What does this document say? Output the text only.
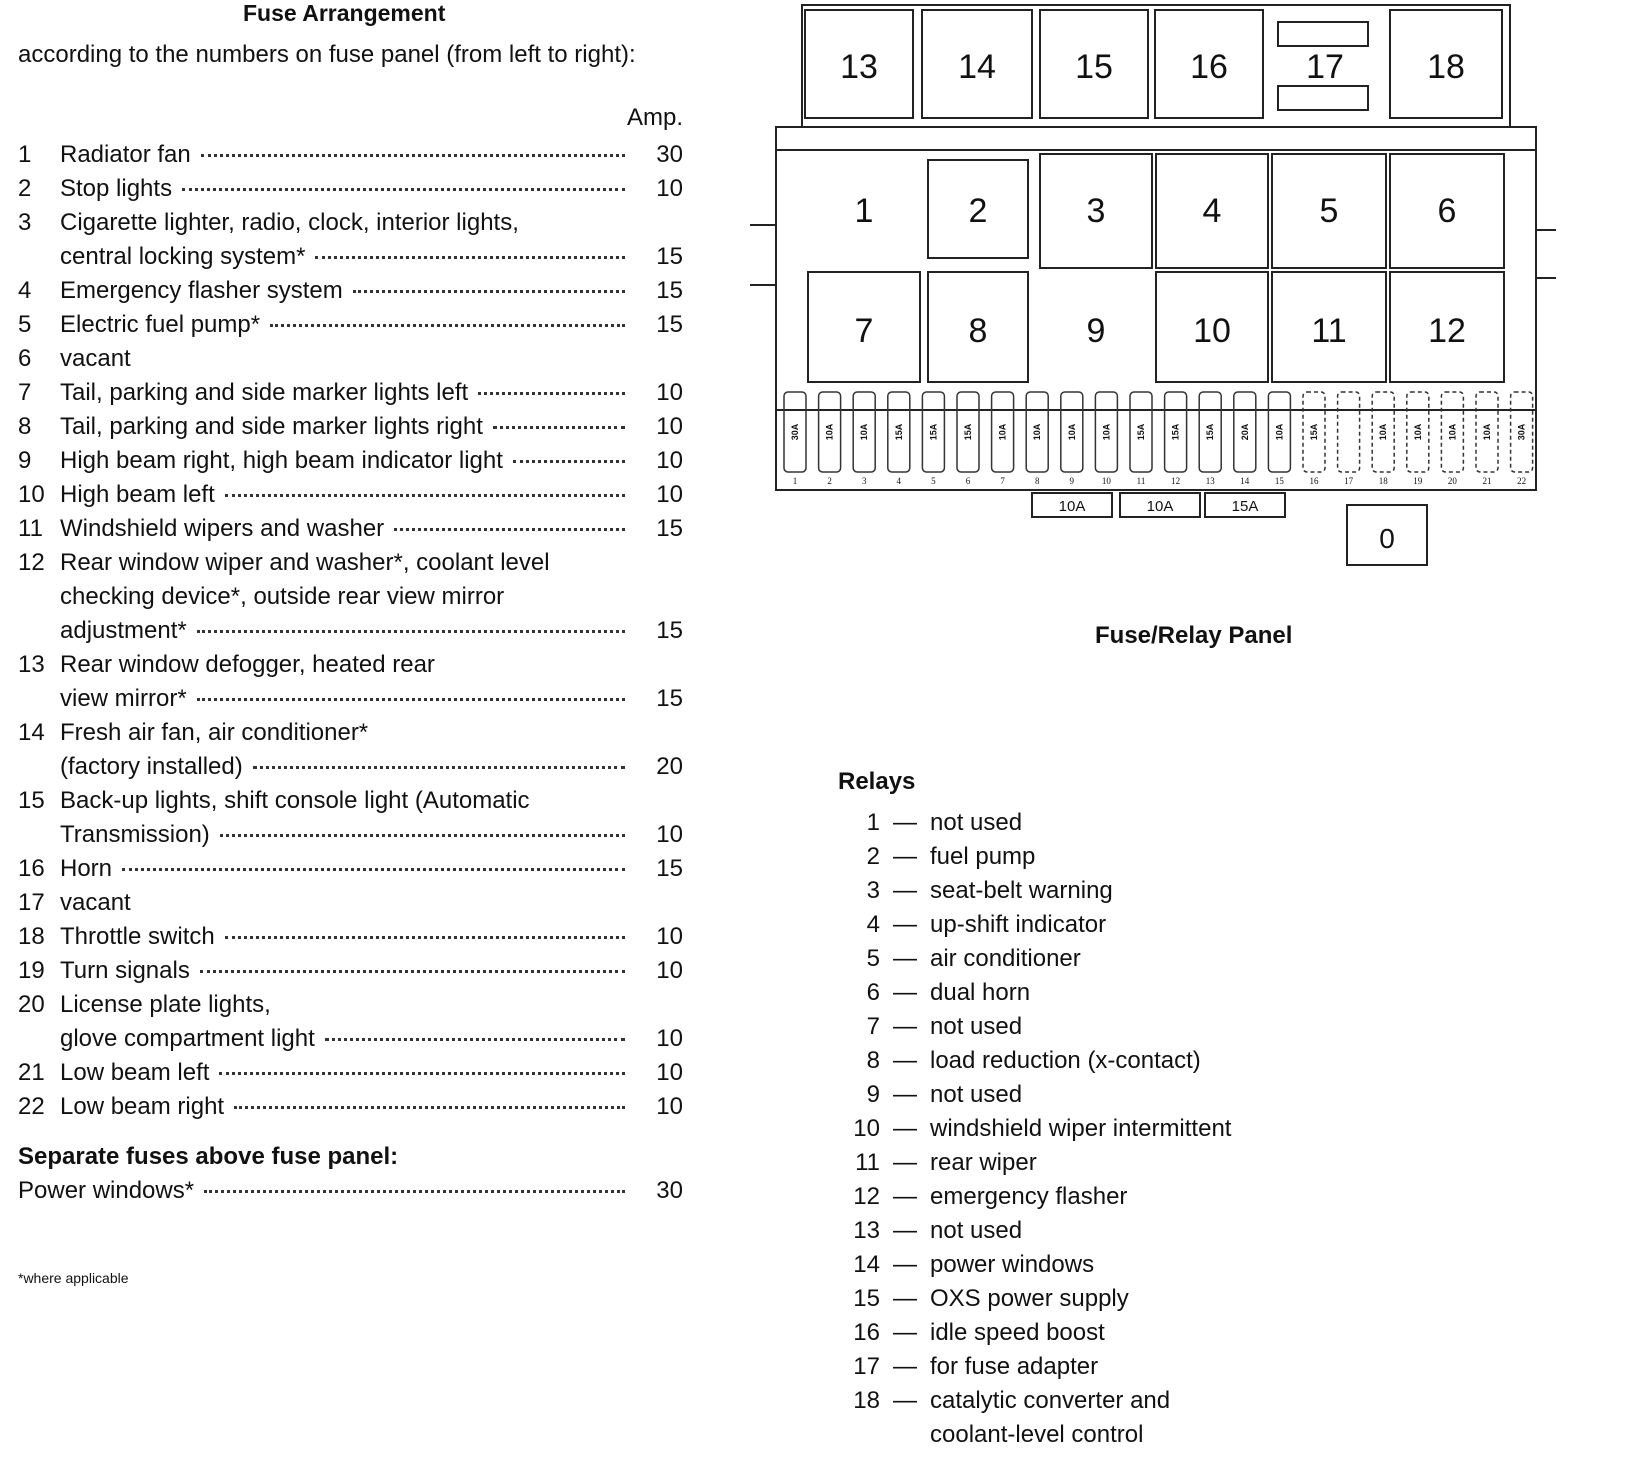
Fuse Arrangement
according to the numbers on fuse panel (from left to right):
Amp.
1	Radiator fan	30
2	Stop lights	10
3	Cigarette lighter, radio, clock, interior lights,
central locking system*	15
4	Emergency flasher system	15
5	Electric fuel pump*	15
6	vacant
7	Tail, parking and side marker lights left	10
8	Tail, parking and side marker lights right	10
9	High beam right, high beam indicator light	10
10 High beam left	10
11 Windshield wipers and washer	15
12 Rear window wiper and washer*, coolant level
checking device*, outside rear view mirror
adjustment*	15
13 Rear window defogger, heated rear
view mirror*	15
14 Fresh air fan, air conditioner*
(factory installed)	20
15 Back-up lights, shift console light (Automatic
Transmission)	10
16 Horn	15
17 vacant
18 Throttle switch	10
19 Turn signals	10
20 License plate lights,
glove compartment light	10
21 Low beam left	10
22 Low beam right	10
Separate fuses above fuse panel:
Power windows*	30
*where applicable
13 14 15 16 17 18
1	2	3	4	5	6
7	8	9	10 11 12
30A
1
10A
2
10A
3
15A
4
15A
5
15A
6
10A
7
10A
8
10A
9
10A
10
15A
11
15A
12
15A
13
20A
14
10A
15
15A
16	17
10A
18
10A
19
10A
20
10A
21
30A
22
10A	10A	15A
0
Fuse/Relay Panel
Relays
1 — not used
2 — fuel pump
3 — seat-belt warning
4 — up-shift indicator
5 — air conditioner
6 — dual horn
7 — not used
8 — load reduction (x-contact)
9 — not used
10 — windshield wiper intermittent
11 — rear wiper
12 — emergency flasher
13 — not used
14 — power windows
15 — OXS power supply
16 — idle speed boost
17 — for fuse adapter
18 — catalytic converter and
coolant-level control
